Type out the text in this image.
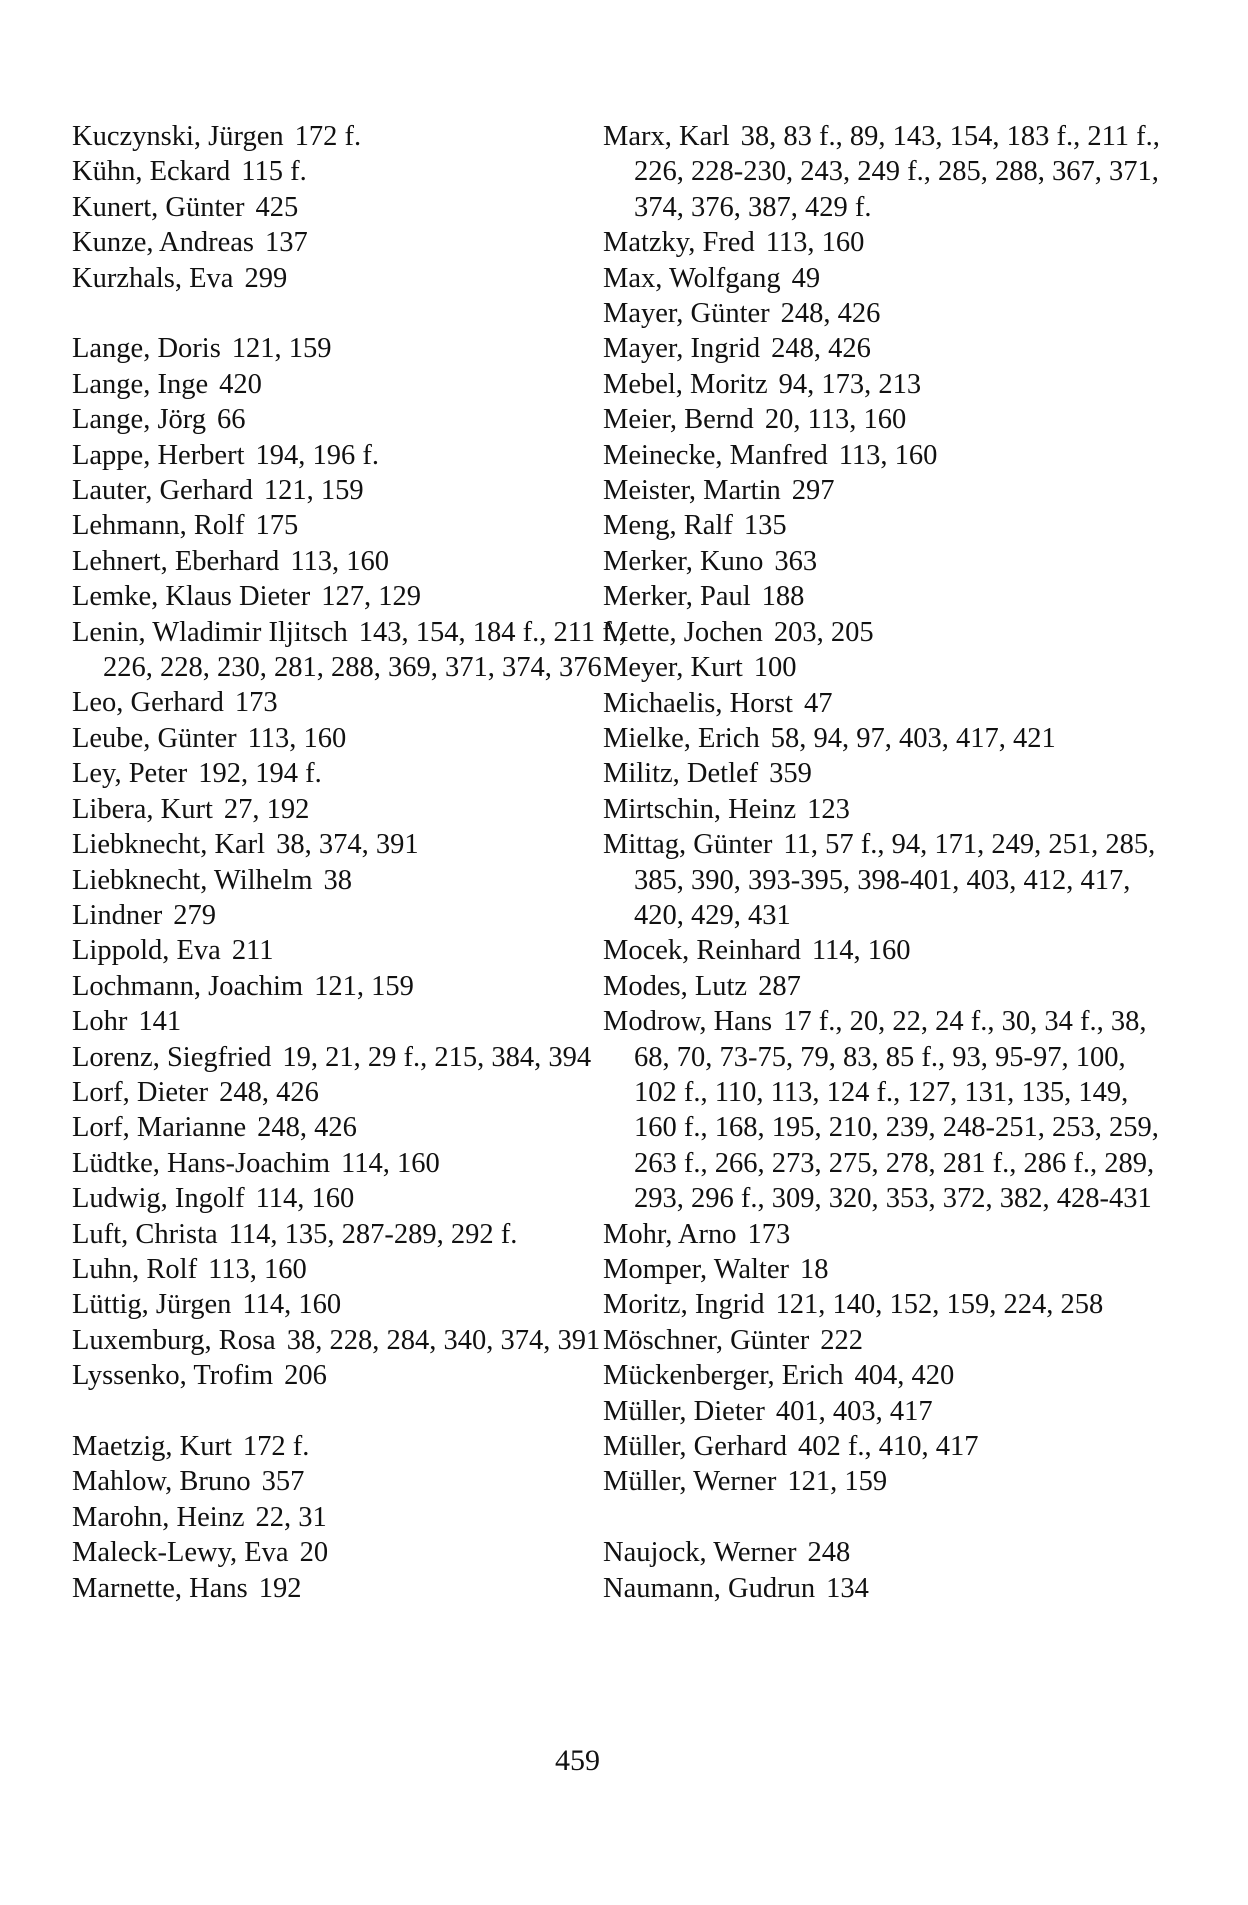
Kuczynski, Jürgen 172 f.
Kühn, Eckard 115 f.
Kunert, Günter 425
Kunze, Andreas 137
Kurzhals, Eva 299
Lange, Doris 121, 159
Lange, Inge 420
Lange, Jörg 66
Lappe, Herbert 194, 196 f.
Lauter, Gerhard 121, 159
Lehmann, Rolf 175
Lehnert, Eberhard 113, 160
Lemke, Klaus Dieter 127, 129
Lenin, Wladimir Iljitsch 143, 154, 184 f., 211 f., 226, 228, 230, 281, 288, 369, 371, 374, 376
Leo, Gerhard 173
Leube, Günter 113, 160
Ley, Peter 192, 194 f.
Libera, Kurt 27, 192
Liebknecht, Karl 38, 374, 391
Liebknecht, Wilhelm 38
Lindner 279
Lippold, Eva 211
Lochmann, Joachim 121, 159
Lohr 141
Lorenz, Siegfried 19, 21, 29 f., 215, 384, 394
Lorf, Dieter 248, 426
Lorf, Marianne 248, 426
Lüdtke, Hans-Joachim 114, 160
Ludwig, Ingolf 114, 160
Luft, Christa 114, 135, 287-289, 292 f.
Luhn, Rolf 113, 160
Lüttig, Jürgen 114, 160
Luxemburg, Rosa 38, 228, 284, 340, 374, 391
Lyssenko, Trofim 206
Maetzig, Kurt 172 f.
Mahlow, Bruno 357
Marohn, Heinz 22, 31
Maleck-Lewy, Eva 20
Marnette, Hans 192
Marx, Karl 38, 83 f., 89, 143, 154, 183 f., 211 f., 226, 228-230, 243, 249 f., 285, 288, 367, 371, 374, 376, 387, 429 f.
Matzky, Fred 113, 160
Max, Wolfgang 49
Mayer, Günter 248, 426
Mayer, Ingrid 248, 426
Mebel, Moritz 94, 173, 213
Meier, Bernd 20, 113, 160
Meinecke, Manfred 113, 160
Meister, Martin 297
Meng, Ralf 135
Merker, Kuno 363
Merker, Paul 188
Mette, Jochen 203, 205
Meyer, Kurt 100
Michaelis, Horst 47
Mielke, Erich 58, 94, 97, 403, 417, 421
Militz, Detlef 359
Mirtschin, Heinz 123
Mittag, Günter 11, 57 f., 94, 171, 249, 251, 285, 385, 390, 393-395, 398-401, 403, 412, 417, 420, 429, 431
Mocek, Reinhard 114, 160
Modes, Lutz 287
Modrow, Hans 17 f., 20, 22, 24 f., 30, 34 f., 38, 68, 70, 73-75, 79, 83, 85 f., 93, 95-97, 100, 102 f., 110, 113, 124 f., 127, 131, 135, 149, 160 f., 168, 195, 210, 239, 248-251, 253, 259, 263 f., 266, 273, 275, 278, 281 f., 286 f., 289, 293, 296 f., 309, 320, 353, 372, 382, 428-431
Mohr, Arno 173
Momper, Walter 18
Moritz, Ingrid 121, 140, 152, 159, 224, 258
Möschner, Günter 222
Mückenberger, Erich 404, 420
Müller, Dieter 401, 403, 417
Müller, Gerhard 402 f., 410, 417
Müller, Werner 121, 159
Naujock, Werner 248
Naumann, Gudrun 134
459
